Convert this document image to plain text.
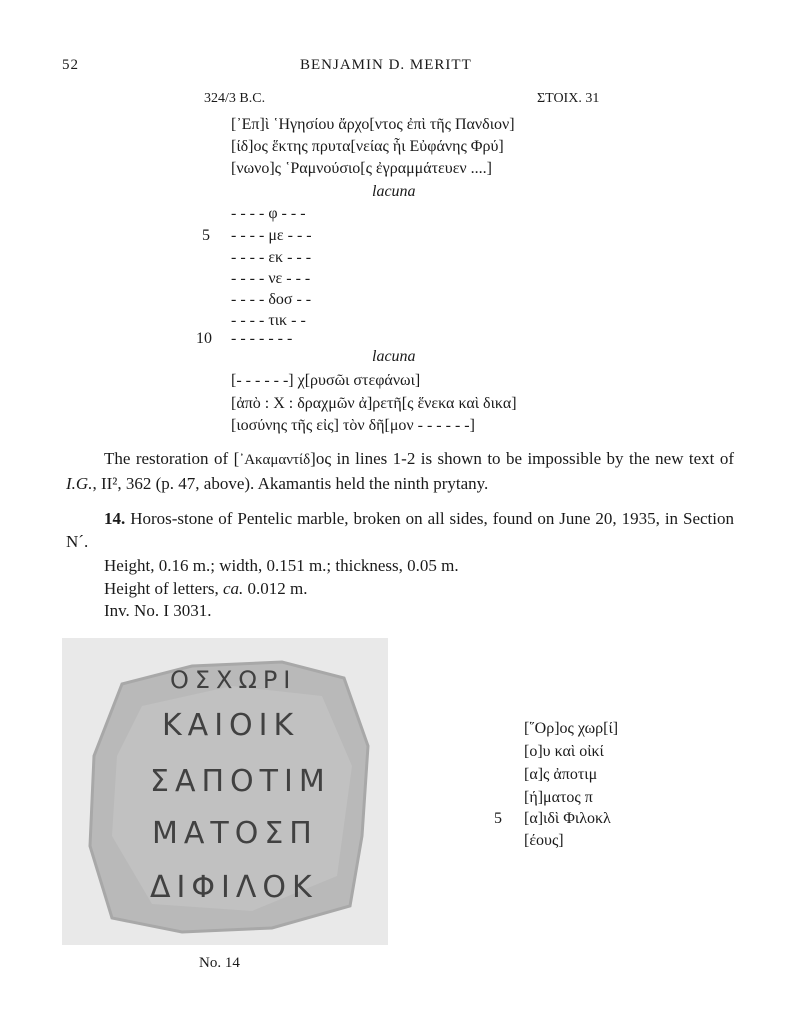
52	BENJAMIN D. MERITT
324/3 B.C.	ΣΤΟΙΧ. 31
[᾿Επ]ὶ ῾Ηγησίου ἄρχο[ντος ἐπὶ τῆς Πανδιον]
[ίδ]ος ἕκτης πρυτα[νείας ἧι Εὐφάνης Φρύ]
[νωνο]ς ῾Ραμνούσιο[ς ἐγραμμάτευεν ....]
lacuna
- - - - φ - - -
5 - - - - με - - -
- - - - εκ - - -
- - - - νε - - -
- - - - δοσ - -
- - - - τικ - -
10 - - - - - - -
lacuna
[- - - - - -] χ[ρυσῶι στεφάνωι]
[ἀπὸ : Χ : δραχμῶν ἀ]ρετῆ[ς ἕνεκα καὶ δικα]
[ιοσύνης τῆς εἰς] τὸν δῆ[μον - - - - - -]
The restoration of [᾿Ακαμαντίδ]ος in lines 1-2 is shown to be impossible by the new text of I.G., II², 362 (p. 47, above). Akamantis held the ninth prytany.
14. Horos-stone of Pentelic marble, broken on all sides, found on June 20, 1935, in Section N´.
Height, 0.16 m.; width, 0.151 m.; thickness, 0.05 m.
Height of letters, ca. 0.012 m.
Inv. No. I 3031.
ΟΣΧΩΡΙ
ΚΑΙΟΙΚ
ΣΑΠΟΤΙΜ
ΜΑΤΟΣΠ
ΔΙΦΙΛΟΚ
No. 14
[῞Ορ]ος χωρ[ί]
[ο]υ καὶ οἰκί
[α]ς ἀποτιμ
[ή]ματος π
5 [α]ιδὶ Φιλοκλ
[έους]
